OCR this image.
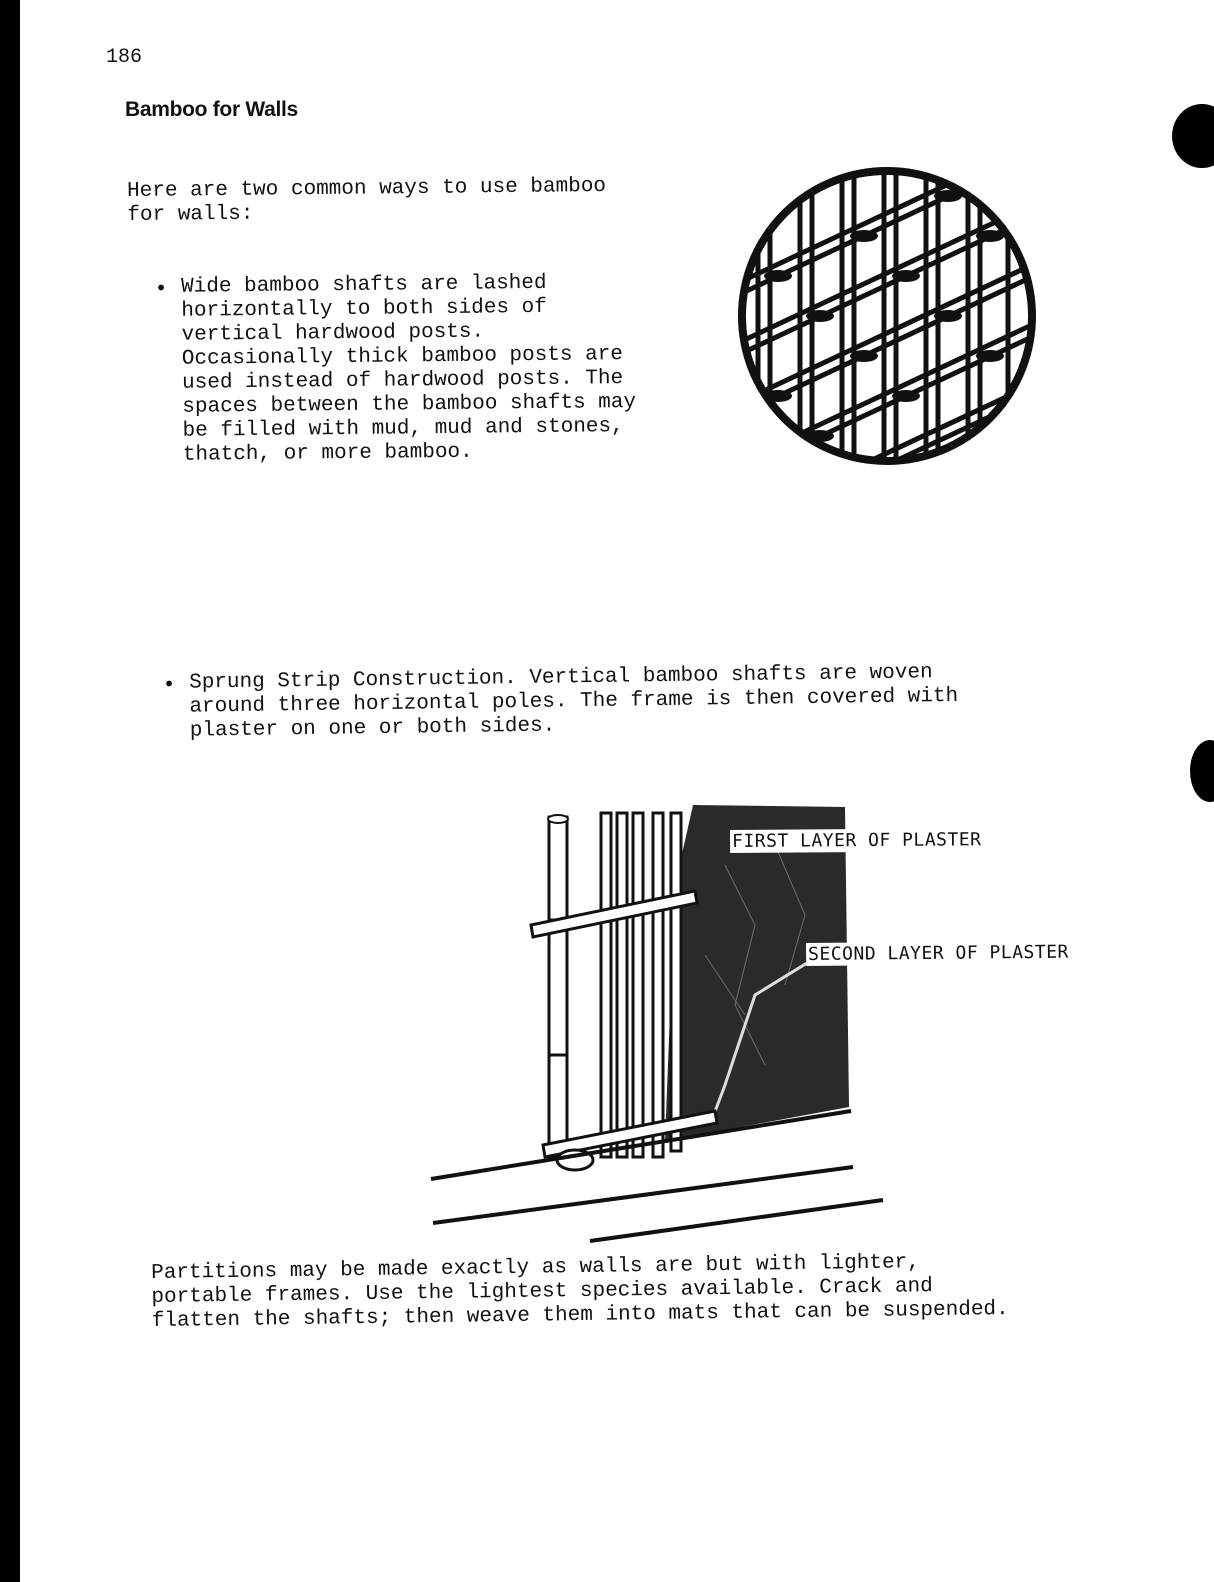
186
Bamboo for Walls
Here are two common ways to use bamboo
for walls:
• Wide bamboo shafts are lashed
horizontally to both sides of
vertical hardwood posts.
Occasionally thick bamboo posts are
used instead of hardwood posts. The
spaces between the bamboo shafts may
be filled with mud, mud and stones,
thatch, or more bamboo.
• Sprung Strip Construction. Vertical bamboo shafts are woven
around three horizontal poles. The frame is then covered with
plaster on one or both sides.
FIRST LAYER OF PLASTER
SECOND LAYER OF PLASTER
Partitions may be made exactly as walls are but with lighter,
portable frames. Use the lightest species available. Crack and
flatten the shafts; then weave them into mats that can be suspended.
